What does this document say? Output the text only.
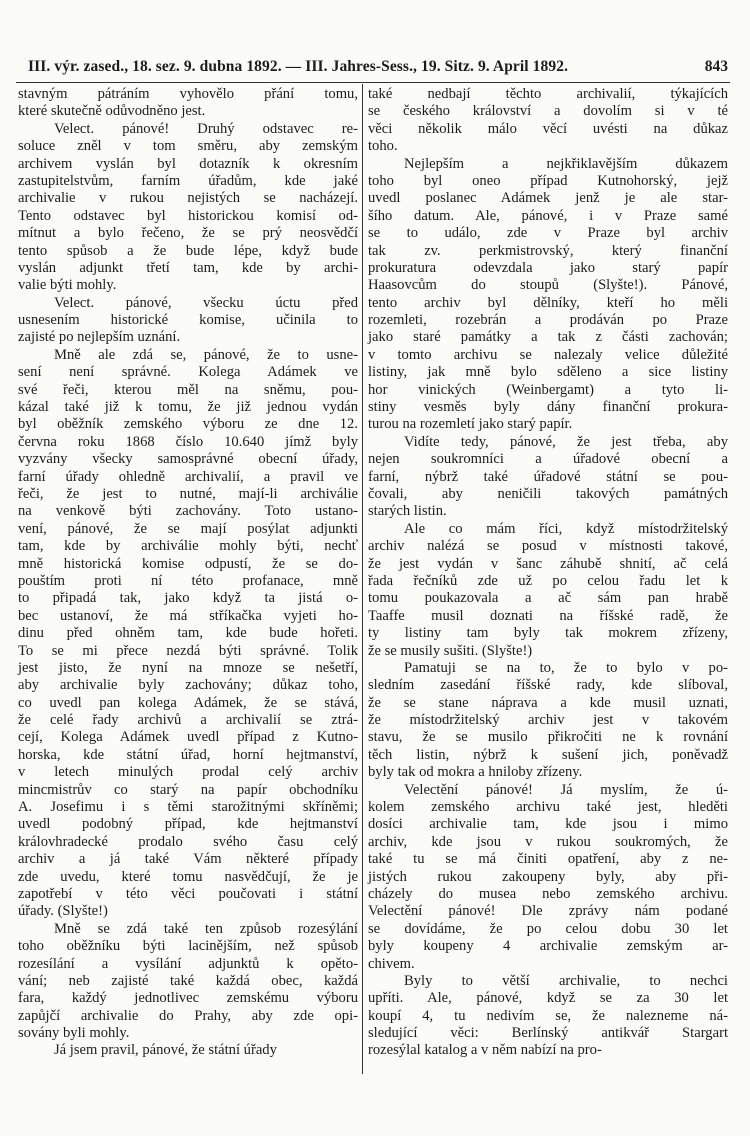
III. výr. zased., 18. sez. 9. dubna 1892. — III. Jahres-Sess., 19. Sitz. 9. April 1892.	843
stavným pátráním vyhovělo přání tomu,
které skutečně odůvodněno jest.
Velect. pánové! Druhý odstavec re-
soluce zněl v tom směru, aby zemským
archivem vyslán byl dotazník k okresním
zastupitelstvům, farním úřadům, kde jaké
archivalie v rukou nejistých se nacházejí.
Tento odstavec byl historickou komisí od-
mítnut a bylo řečeno, že se prý neosvědčí
tento spůsob a že bude lépe, když bude
vyslán adjunkt třetí tam, kde by archi-
valie býti mohly.
Velect. pánové, všecku úctu před
usnesením historické komise, učinila to
zajisté po nejlepším uznání.
Mně ale zdá se, pánové, že to usne-
sení není správné. Kolega Adámek ve
své řeči, kterou měl na sněmu, pou-
kázal také již k tomu, že již jednou vydán
byl oběžník zemského výboru ze dne 12.
června roku 1868 číslo 10.640 jímž byly
vyzvány všecky samosprávné obecní úřady,
farní úřady ohledně archivalií, a pravil ve
řeči, že jest to nutné, mají-li archiválie
na venkově býti zachovány. Toto ustano-
vení, pánové, že se mají posýlat adjunkti
tam, kde by archiválie mohly býti, nechť
mně historická komise odpustí, že se do-
pouštím proti ní této profanace, mně
to připadá tak, jako když ta jistá o-
bec ustanoví, že má stříkačka vyjeti ho-
dinu před ohněm tam, kde bude hořeti.
To se mi přece nezdá býti správné. Tolik
jest jisto, že nyní na mnoze se nešetří,
aby archivalie byly zachovány; důkaz toho,
co uvedl pan kolega Adámek, že se stává,
že celé řady archivů a archivalií se ztrá-
cejí, Kolega Adámek uvedl případ z Kutno-
horska, kde státní úřad, horní hejtmanství,
v letech minulých prodal celý archiv
mincmistrův co starý na papír obchodníku
A. Josefimu i s těmi starožitnými skříněmi;
uvedl podobný případ, kde hejtmanství
královhradecké prodalo svého času celý
archiv a já také Vám některé případy
zde uvedu, které tomu nasvědčují, že je
zapotřebí v této věci poučovati i státní
úřady. (Slyšte!)
Mně se zdá také ten způsob rozesýlání
toho oběžníku býti lacinějším, než spůsob
rozesílání a vysílání adjunktů k opěto-
vání; neb zajisté také každá obec, každá
fara, každý jednotlivec zemskému výboru
zapůjčí archivalie do Prahy, aby zde opi-
sovány byli mohly.
Já jsem pravil, pánové, že státní úřady
také nedbají těchto archivalií, týkajících
se českého království a dovolím si v té
věci několik málo věcí uvésti na důkaz
toho.
Nejlepším a nejkřiklavějším důkazem
toho byl oneo případ Kutnohorský, jejž
uvedl poslanec Adámek jenž je ale star-
šího datum. Ale, pánové, i v Praze samé
se to událo, zde v Praze byl archiv
tak zv. perkmistrovský, který finanční
prokuratura odevzdala jako starý papír
Haasovcům do stoupů (Slyšte!). Pánové,
tento archiv byl dělníky, kteří ho měli
rozemleti, rozebrán a prodáván po Praze
jako staré památky a tak z části zachován;
v tomto archivu se nalezaly velice důležité
listiny, jak mně bylo sděleno a sice listiny
hor vinických (Weinbergamt) a tyto li-
stiny vesměs byly dány finanční prokura-
turou na rozemletí jako starý papír.
Vidíte tedy, pánové, že jest třeba, aby
nejen soukromníci a úřadové obecní a
farní, nýbrž také úřadové státní se pou-
čovali, aby neničili takových památných
starých listin.
Ale co mám říci, když místodržitelský
archiv nalézá se posud v místnosti takové,
že jest vydán v šanc záhubě shnití, ač celá
řada řečníků zde už po celou řadu let k
tomu poukazovala a ač sám pan hrabě
Taaffe musil doznati na říšské radě, že
ty listiny tam byly tak mokrem zřízeny,
že se musily sušiti. (Slyšte!)
Pamatuji se na to, že to bylo v po-
sledním zasedání říšské rady, kde slíboval,
že se stane náprava a kde musil uznati,
že místodržitelský archiv jest v takovém
stavu, že se musilo přikročiti ne k rovnání
těch listin, nýbrž k sušení jich, poněvadž
byly tak od mokra a hniloby zřízeny.
Velectění pánové! Já myslím, že ú-
kolem zemského archivu také jest, hleděti
dosíci archivalie tam, kde jsou i mimo
archiv, kde jsou v rukou soukromých, že
také tu se má činiti opatření, aby z ne-
jistých rukou zakoupeny byly, aby při-
cházely do musea nebo zemského archivu.
Velectění pánové! Dle zprávy nám podané
se dovídáme, že po celou dobu 30 let
byly koupeny 4 archivalie zemským ar-
chivem.
Byly to větší archivalie, to nechci
upříti. Ale, pánové, když se za 30 let
koupí 4, tu nedivím se, že nalezneme ná-
sledující věci: Berlínský antikvář Stargart
rozesýlal katalog a v něm nabízí na pro-
